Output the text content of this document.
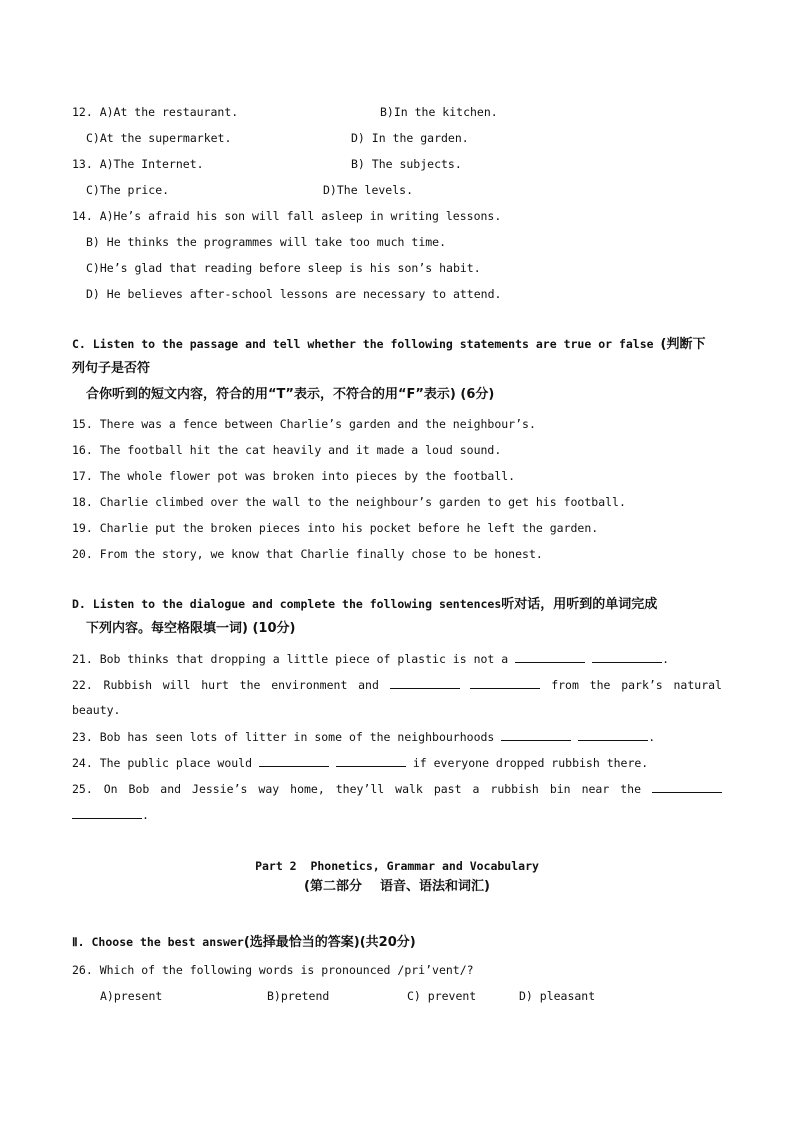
12. A)At the restaurant.	B)In the kitchen.
C)At the supermarket.	D) In the garden.
13. A)The Internet.	B) The subjects.
C)The price.	D)The levels.
14. A)He’s afraid his son will fall asleep in writing lessons.
B) He thinks the programmes will take too much time.
C)He’s glad that reading before sleep is his son’s habit.
D) He believes after-school lessons are necessary to attend.
C. Listen to the passage and tell whether the following statements are true or false (判断下
列句子是否符
合你听到的短文内容，符合的用“T”表示，不符合的用“F”表示) (6分)
15. There was a fence between Charlie’s garden and the neighbour’s.
16. The football hit the cat heavily and it made a loud sound.
17. The whole flower pot was broken into pieces by the football.
18. Charlie climbed over the wall to the neighbour’s garden to get his football.
19. Charlie put the broken pieces into his pocket before he left the garden.
20. From the story, we know that Charlie finally chose to be honest.
D. Listen to the dialogue and complete the following sentences听对话，用听到的单词完成
下列内容。每空格限填一词) (10分)
21. Bob thinks that dropping a little piece of plastic is not a	.
22. Rubbish will hurt the environment and	from the park’s natural
beauty.
23. Bob has seen lots of litter in some of the neighbourhoods	.
24. The public place would	if everyone dropped rubbish there.
25. On Bob and Jessie’s way home, they’ll walk past a rubbish bin near the
.
Part 2  Phonetics, Grammar and Vocabulary
(第二部分    语音、语法和词汇)
Ⅱ. Choose the best answer(选择最恰当的答案)(共20分)
26. Which of the following words is pronounced /pri’vent/?
A)present	B)pretend	C) prevent	D) pleasant
